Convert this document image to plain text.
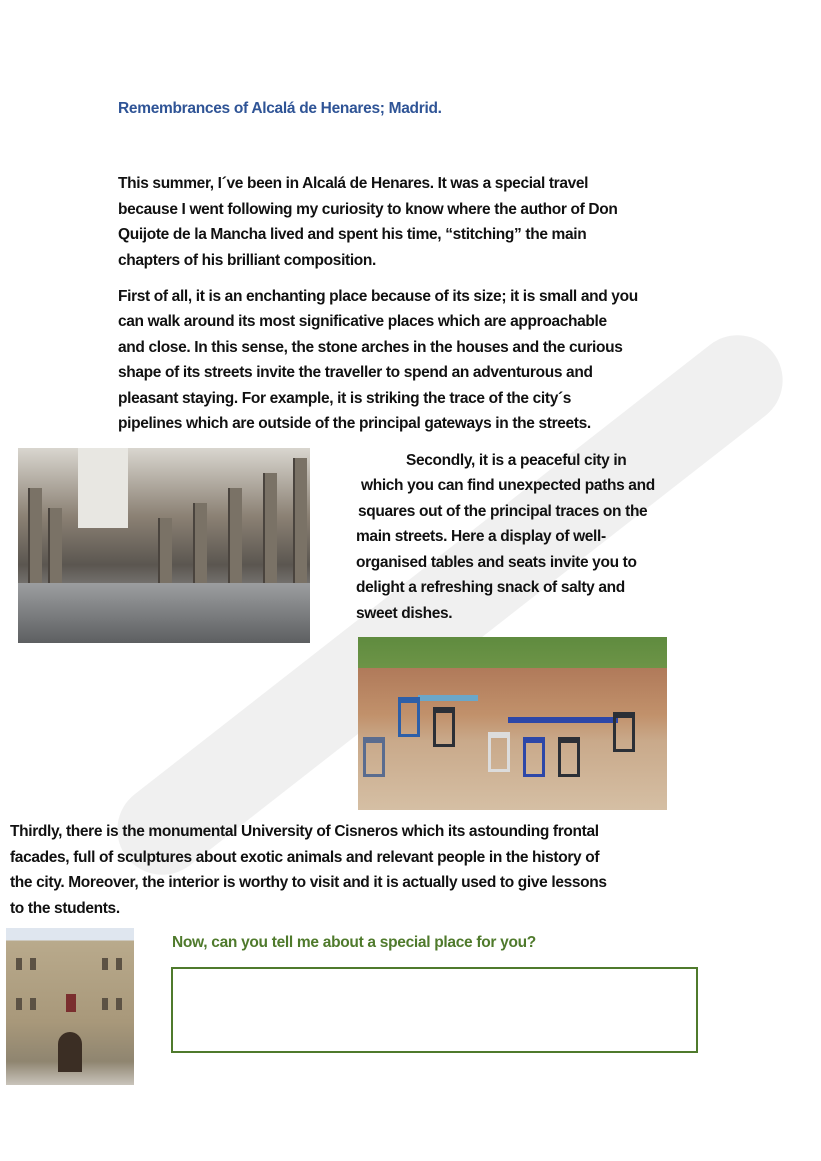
Remembrances of Alcalá de Henares; Madrid.
This summer, I´ve been in Alcalá de Henares. It was a special travel
because I went following my curiosity to know where the author of Don
Quijote de la Mancha lived and spent his time, “stitching” the main
chapters of his brilliant composition.
First of all, it is an enchanting place because of its size; it is small and you
can walk around its most significative places which are approachable
and close. In this sense, the stone arches in the houses and the curious
shape of its streets invite the traveller to spend an adventurous and
pleasant staying. For example, it is striking the trace of the city´s
pipelines which are outside of the principal gateways in the streets.
Secondly, it is a peaceful city in
which you can find unexpected paths and
squares out of the principal traces on the
main streets. Here a display of well-
organised tables and seats invite you to
delight a refreshing snack of salty and
sweet dishes.
Thirdly, there is the monumental University of Cisneros which its astounding frontal
facades, full of sculptures about exotic animals and relevant people in the history of
the city. Moreover, the interior is worthy to visit and it is actually used to give lessons
to the students.
Now, can you tell me about a special place for you?
